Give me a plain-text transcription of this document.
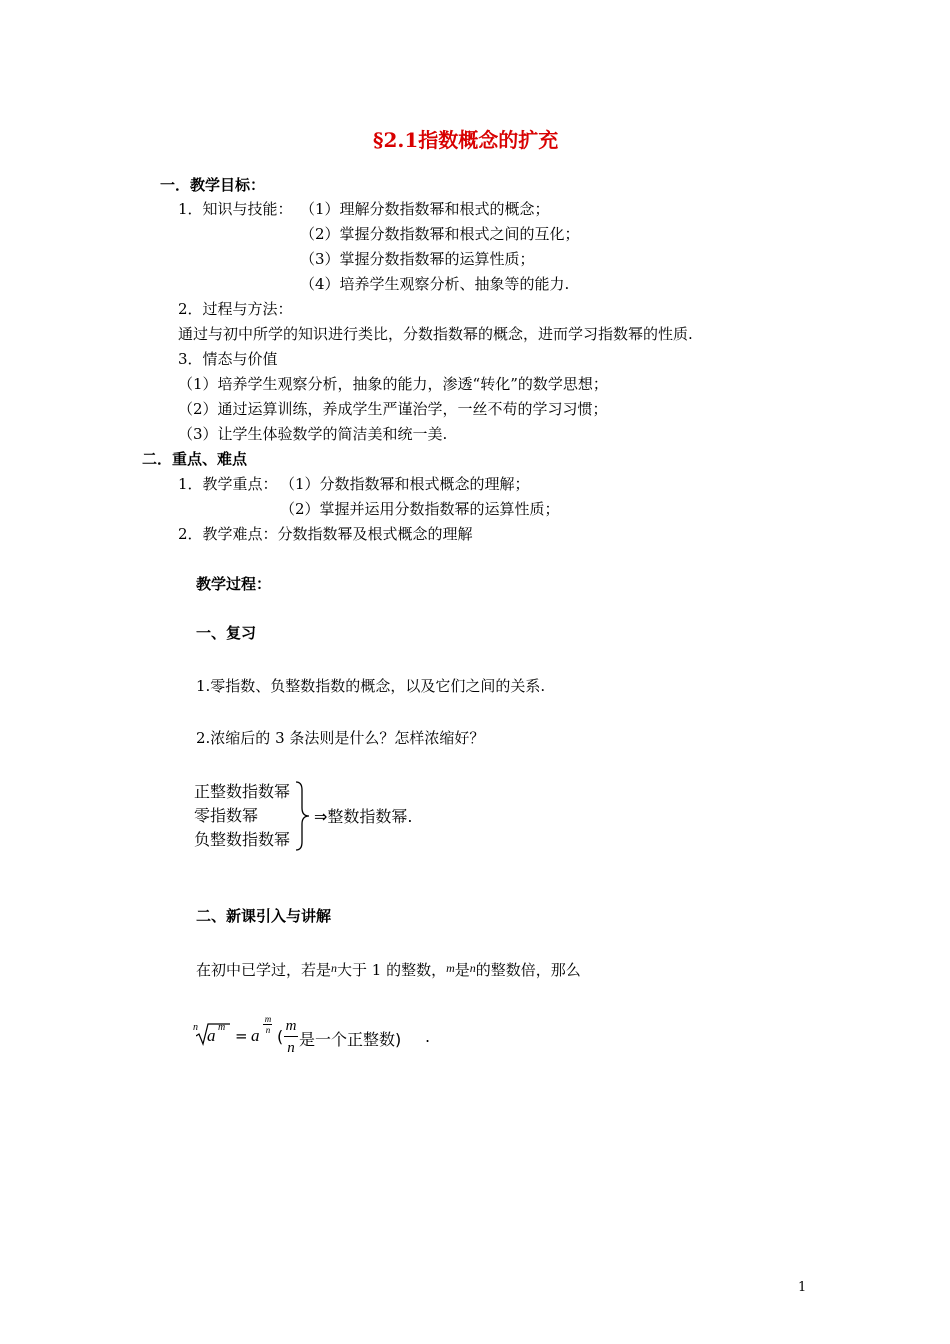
§2.1指数概念的扩充
一．教学目标：
1．知识与技能： （1）理解分数指数幂和根式的概念；
（2）掌握分数指数幂和根式之间的互化；
（3）掌握分数指数幂的运算性质；
（4）培养学生观察分析、抽象等的能力.
2．过程与方法：
通过与初中所学的知识进行类比，分数指数幂的概念，进而学习指数幂的性质.
3．情态与价值
（1）培养学生观察分析，抽象的能力，渗透“转化”的数学思想；
（2）通过运算训练，养成学生严谨治学，一丝不苟的学习习惯；
（3）让学生体验数学的简洁美和统一美.
二．重点、难点
1．教学重点： （1）分数指数幂和根式概念的理解；
（2）掌握并运用分数指数幂的运算性质；
2．教学难点：分数指数幂及根式概念的理解
教学过程：
一、复习
1.零指数、负整数指数的概念，以及它们之间的关系.
2.浓缩后的 3 条法则是什么？怎样浓缩好？
正整数指数幂
零指数幂
负整数指数幂
⇒整数指数幂.
二、新课引入与讲解
在初中已学过，若是$^n$大于 1 的整数，$^m$是$^n$的整数倍，那么
n a m = a
m
n (
m
n 是一个正整数) .
1
